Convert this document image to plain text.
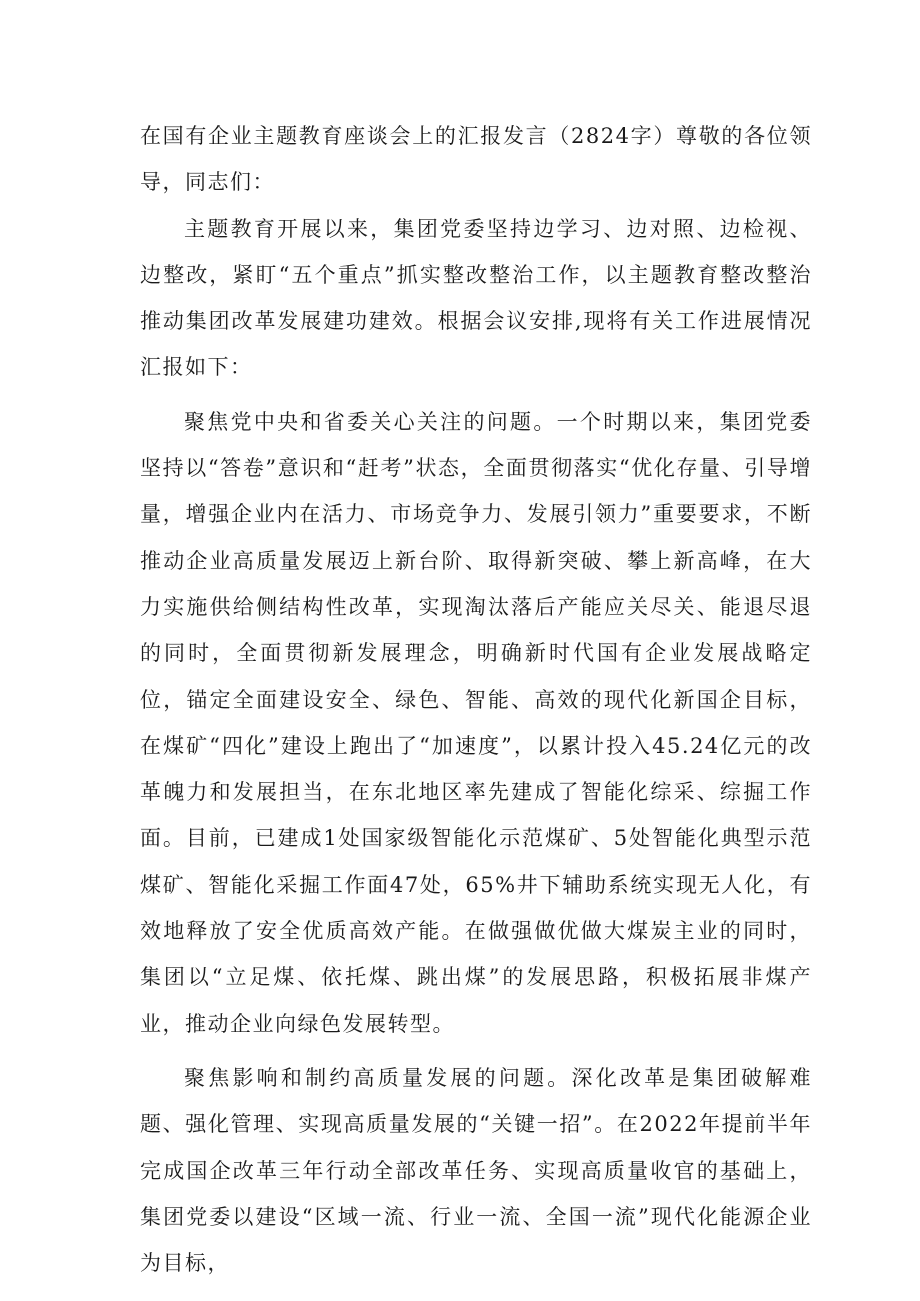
在国有企业主题教育座谈会上的汇报发言（2824字）尊敬的各位领导，同志们：

主题教育开展以来，集团党委坚持边学习、边对照、边检视、边整改，紧盯“五个重点”抓实整改整治工作，以主题教育整改整治推动集团改革发展建功建效。根据会议安排,现将有关工作进展情况汇报如下：

聚焦党中央和省委关心关注的问题。一个时期以来，集团党委坚持以“答卷”意识和“赶考”状态，全面贯彻落实“优化存量、引导增量，增强企业内在活力、市场竞争力、发展引领力”重要要求，不断推动企业高质量发展迈上新台阶、取得新突破、攀上新高峰，在大力实施供给侧结构性改革，实现淘汰落后产能应关尽关、能退尽退的同时，全面贯彻新发展理念，明确新时代国有企业发展战略定位，锚定全面建设安全、绿色、智能、高效的现代化新国企目标，在煤矿“四化”建设上跑出了“加速度”，以累计投入45.24亿元的改革魄力和发展担当，在东北地区率先建成了智能化综采、综掘工作面。目前，已建成1处国家级智能化示范煤矿、5处智能化典型示范煤矿、智能化采掘工作面47处，65%井下辅助系统实现无人化，有效地释放了安全优质高效产能。在做强做优做大煤炭主业的同时，集团以“立足煤、依托煤、跳出煤”的发展思路，积极拓展非煤产业，推动企业向绿色发展转型。

聚焦影响和制约高质量发展的问题。深化改革是集团破解难题、强化管理、实现高质量发展的“关键一招”。在2022年提前半年完成国企改革三年行动全部改革任务、实现高质量收官的基础上，集团党委以建设“区域一流、行业一流、全国一流”现代化能源企业为目标，
